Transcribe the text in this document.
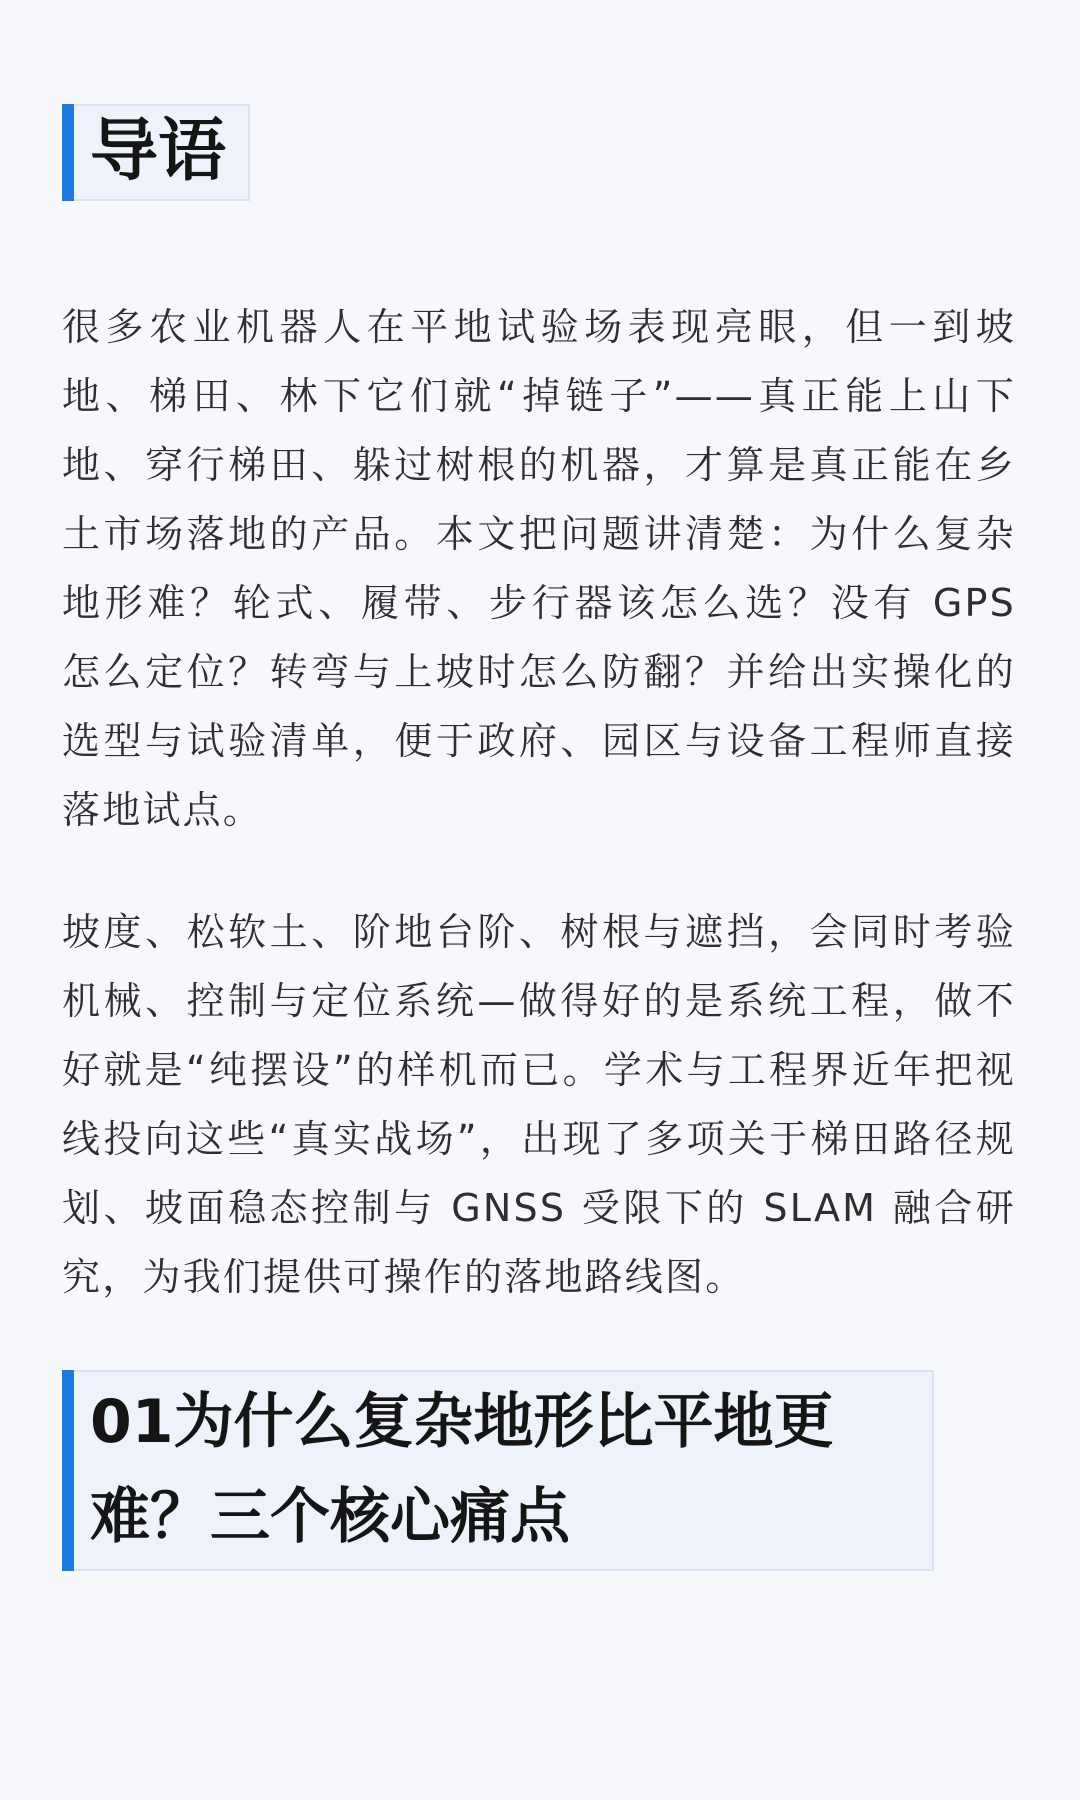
导语

很多农业机器人在平地试验场表现亮眼，但一到坡地、梯田、林下它们就“掉链子”——真正能上山下地、穿行梯田、躲过树根的机器，才算是真正能在乡土市场落地的产品。本文把问题讲清楚：为什么复杂地形难？轮式、履带、步行器该怎么选？没有 GPS 怎么定位？转弯与上坡时怎么防翻？并给出实操化的选型与试验清单，便于政府、园区与设备工程师直接落地试点。

坡度、松软土、阶地台阶、树根与遮挡，会同时考验机械、控制与定位系统—做得好的是系统工程，做不好就是“纯摆设”的样机而已。学术与工程界近年把视线投向这些“真实战场”，出现了多项关于梯田路径规划、坡面稳态控制与 GNSS 受限下的 SLAM 融合研究，为我们提供可操作的落地路线图。

01为什么复杂地形比平地更难？三个核心痛点
